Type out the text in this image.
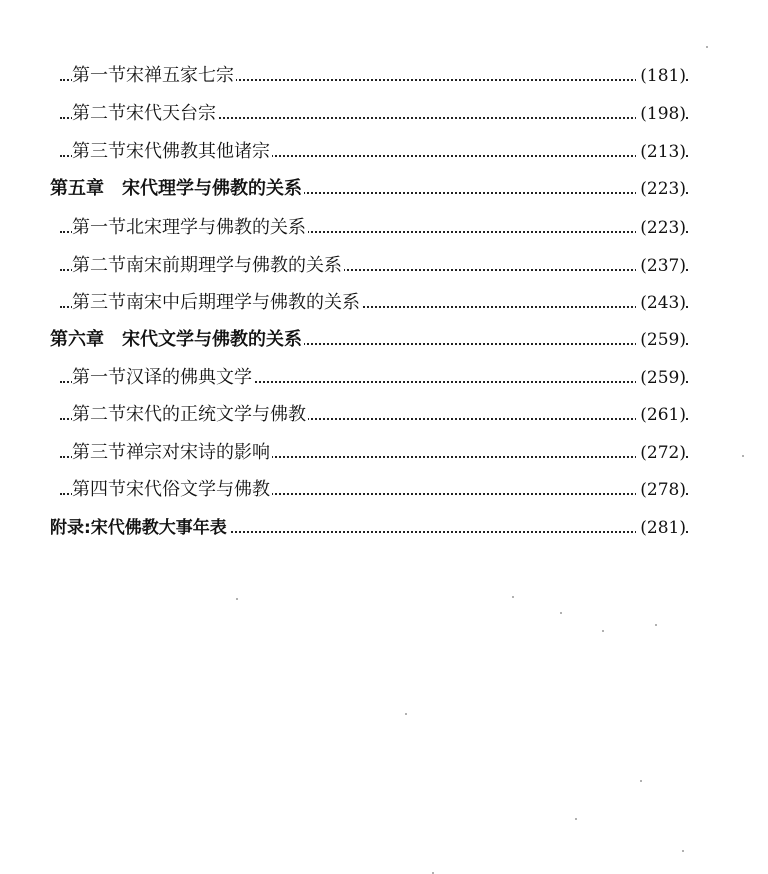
第一节宋禅五家七宗	(181)
第二节宋代天台宗	(198)
第三节宋代佛教其他诸宗	(213)
第五章　宋代理学与佛教的关系	(223)
第一节北宋理学与佛教的关系	(223)
第二节南宋前期理学与佛教的关系	(237)
第三节南宋中后期理学与佛教的关系	(243)
第六章　宋代文学与佛教的关系	(259)
第一节汉译的佛典文学	(259)
第二节宋代的正统文学与佛教	(261)
第三节禅宗对宋诗的影响	(272)
第四节宋代俗文学与佛教	(278)
附录:宋代佛教大事年表	(281)
